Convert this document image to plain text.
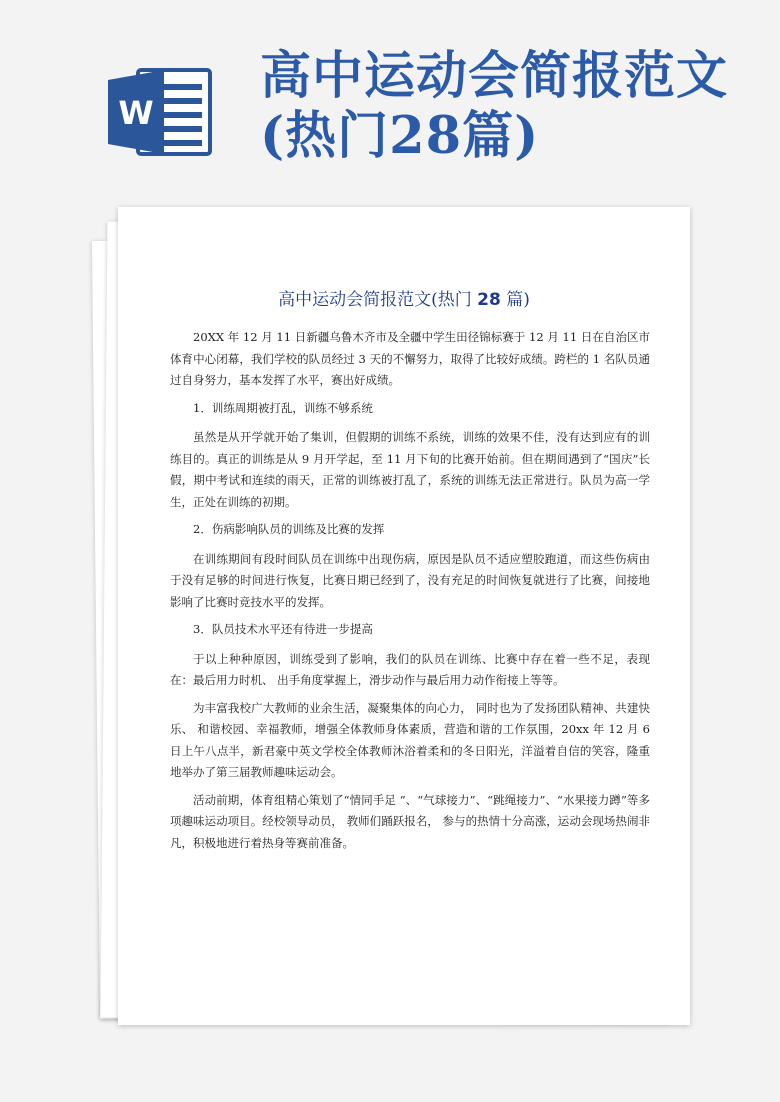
W
高中运动会简报范文(热门28篇)
高中运动会简报范文(热门 28 篇)

20XX 年 12 月 11 日新疆乌鲁木齐市及全疆中学生田径锦标赛于 12 月 11 日在自治区市体育中心闭幕，我们学校的队员经过 3 天的不懈努力，取得了比较好成绩。跨栏的 1 名队员通过自身努力，基本发挥了水平，赛出好成绩。

1．训练周期被打乱，训练不够系统

虽然是从开学就开始了集训，但假期的训练不系统，训练的效果不佳，没有达到应有的训练目的。真正的训练是从 9 月开学起，至 11 月下旬的比赛开始前。但在期间遇到了“国庆”长假，期中考试和连续的雨天，正常的训练被打乱了，系统的训练无法正常进行。队员为高一学生，正处在训练的初期。

2．伤病影响队员的训练及比赛的发挥

在训练期间有段时间队员在训练中出现伤病，原因是队员不适应塑胶跑道，而这些伤病由于没有足够的时间进行恢复，比赛日期已经到了，没有充足的时间恢复就进行了比赛，间接地影响了比赛时竞技水平的发挥。

3．队员技术水平还有待进一步提高

于以上种种原因，训练受到了影响，我们的队员在训练、比赛中存在着一些不足，表现在：最后用力时机、 出手角度掌握上，滑步动作与最后用力动作衔接上等等。

为丰富我校广大教师的业余生活，凝聚集体的向心力， 同时也为了发扬团队精神、共建快乐、 和谐校园、幸福教师，增强全体教师身体素质，营造和谐的工作氛围，20xx 年 12 月 6 日上午八点半，新君豪中英文学校全体教师沐浴着柔和的冬日阳光，洋溢着自信的笑容，隆重地举办了第三届教师趣味运动会。

活动前期，体育组精心策划了“情同手足 ”、“气球接力”、“跳绳接力”、“水果接力蹲”等多项趣味运动项目。经校领导动员， 教师们踊跃报名， 参与的热情十分高涨，运动会现场热闹非凡，积极地进行着热身等赛前准备。
